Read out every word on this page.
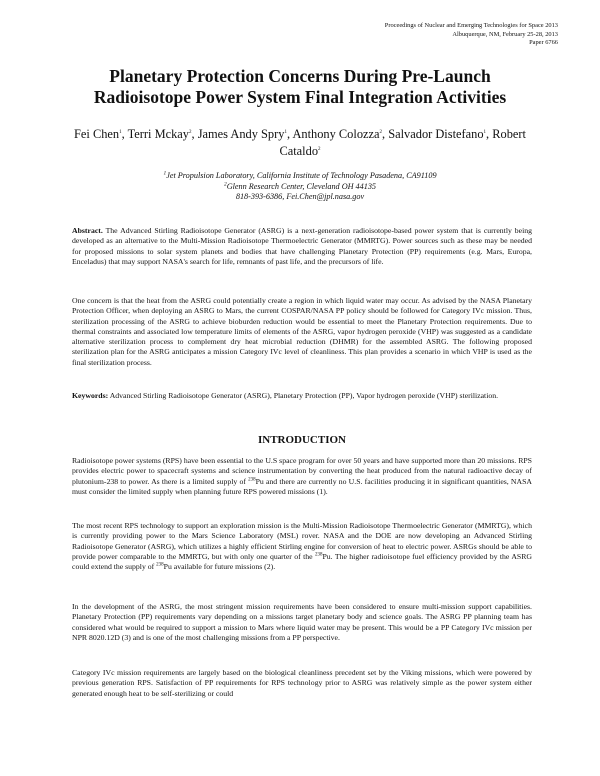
Proceedings of Nuclear and Emerging Technologies for Space 2013
Albuquerque, NM, February 25-28, 2013
Paper 6766
Planetary Protection Concerns During Pre-Launch
Radioisotope Power System Final Integration Activities
Fei Chen$^1$, Terri Mckay$^2$, James Andy Spry$^1$, Anthony Colozza$^2$, Salvador Distefano$^1$, Robert Cataldo$^2$
$^1$Jet Propulsion Laboratory, California Institute of Technology Pasadena, CA91109
$^2$Glenn Research Center, Cleveland OH 44135
818-393-6386, Fei.Chen@jpl.nasa.gov
Abstract. The Advanced Stirling Radioisotope Generator (ASRG) is a next-generation radioisotope-based power system that is currently being developed as an alternative to the Multi-Mission Radioisotope Thermoelectric Generator (MMRTG). Power sources such as these may be needed for proposed missions to solar system planets and bodies that have challenging Planetary Protection (PP) requirements (e.g. Mars, Europa, Enceladus) that may support NASA's search for life, remnants of past life, and the precursors of life.
One concern is that the heat from the ASRG could potentially create a region in which liquid water may occur. As advised by the NASA Planetary Protection Officer, when deploying an ASRG to Mars, the current COSPAR/NASA PP policy should be followed for Category IVc mission. Thus, sterilization processing of the ASRG to achieve bioburden reduction would be essential to meet the Planetary Protection requirements. Due to thermal constraints and associated low temperature limits of elements of the ASRG, vapor hydrogen peroxide (VHP) was suggested as a candidate alternative sterilization process to complement dry heat microbial reduction (DHMR) for the assembled ASRG. The following proposed sterilization plan for the ASRG anticipates a mission Category IVc level of cleanliness. This plan provides a scenario in which VHP is used as the final sterilization process.
Keywords: Advanced Stirling Radioisotope Generator (ASRG), Planetary Protection (PP), Vapor hydrogen peroxide (VHP) sterilization.
INTRODUCTION
Radioisotope power systems (RPS) have been essential to the U.S space program for over 50 years and have supported more than 20 missions. RPS provides electric power to spacecraft systems and science instrumentation by converting the heat produced from the natural radioactive decay of plutonium-238 to power. As there is a limited supply of $^{238}$Pu and there are currently no U.S. facilities producing it in significant quantities, NASA must consider the limited supply when planning future RPS powered missions (1).
The most recent RPS technology to support an exploration mission is the Multi-Mission Radioisotope Thermoelectric Generator (MMRTG), which is currently providing power to the Mars Science Laboratory (MSL) rover. NASA and the DOE are now developing an Advanced Stirling Radioisotope Generator (ASRG), which utilizes a highly efficient Stirling engine for conversion of heat to electric power. ASRGs should be able to provide power comparable to the MMRTG, but with only one quarter of the $^{238}$Pu. The higher radioisotope fuel efficiency provided by the ASRG could extend the supply of $^{238}$Pu available for future missions (2).
In the development of the ASRG, the most stringent mission requirements have been considered to ensure multi-mission support capabilities. Planetary Protection (PP) requirements vary depending on a missions target planetary body and science goals. The ASRG PP planning team has considered what would be required to support a mission to Mars where liquid water may be present. This would be a PP Category IVc mission per NPR 8020.12D (3) and is one of the most challenging missions from a PP perspective.
Category IVc mission requirements are largely based on the biological cleanliness precedent set by the Viking missions, which were powered by previous generation RPS. Satisfaction of PP requirements for RPS technology prior to ASRG was relatively simple as the power system either generated enough heat to be self-sterilizing or could
